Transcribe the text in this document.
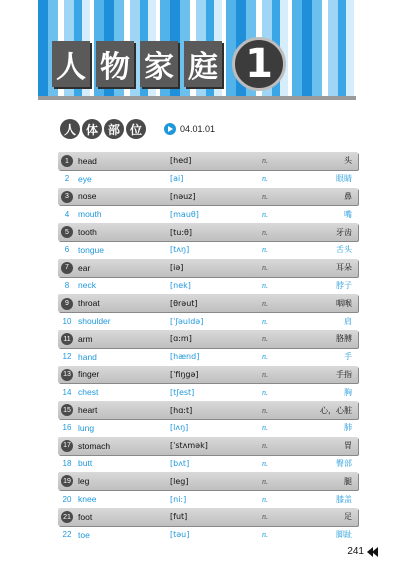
人 物 家 庭 1
人 体 部 位	04.01.01
1	head	[hed]	n.	头
2	eye	[ai]	n.	眼睛
3	nose	[nəuz]	n.	鼻
4	mouth	[mauθ]	n.	嘴
5	tooth	[tu:θ]	n.	牙齿
6	tongue	[tʌŋ]	n.	舌头
7	ear	[iə]	n.	耳朵
8	neck	[nek]	n.	脖子
9	throat	[θrəut]	n.	咽喉
10 shoulder	[ˈʃəuldə]	n.	肩
11 arm	[ɑ:m]	n.	胳膊
12 hand	[hænd]	n.	手
13 finger	[ˈfiŋgə]	n.	手指
14 chest	[tʃest]	n.	胸
15 heart	[hɑ:t]	n.	心，心脏
16 lung	[lʌŋ]	n.	肺
17 stomach	[ˈstʌmək]	n.	胃
18 butt	[bʌt]	n.	臀部
19 leg	[leg]	n.	腿
20 knee	[ni:]	n.	膝盖
21 foot	[fut]	n.	足
22 toe	[təu]	n.	脚趾
241
